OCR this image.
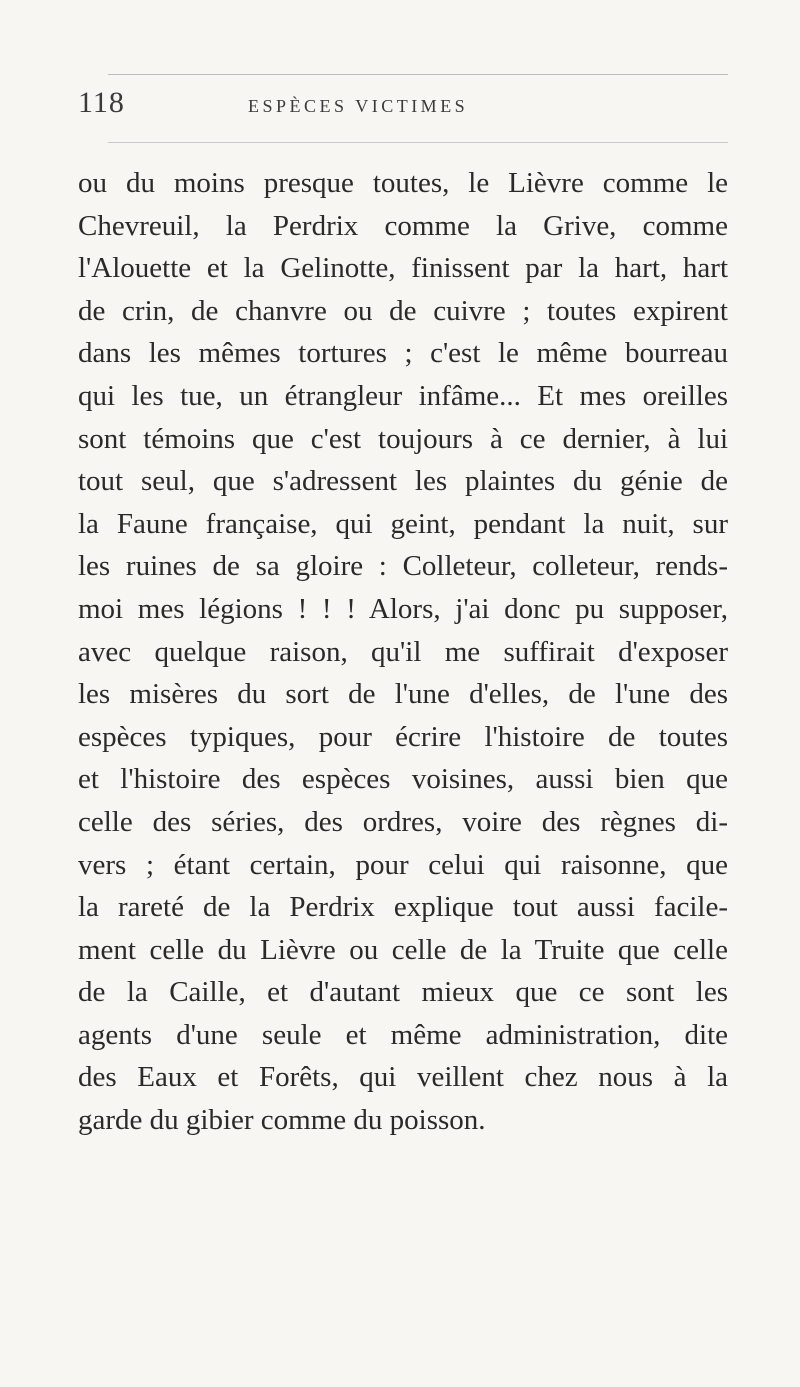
118	ESPÈCES VICTIMES
ou du moins presque toutes, le Lièvre comme le
Chevreuil, la Perdrix comme la Grive, comme
l'Alouette et la Gelinotte, finissent par la hart, hart
de crin, de chanvre ou de cuivre ; toutes expirent
dans les mêmes tortures ; c'est le même bourreau
qui les tue, un étrangleur infâme... Et mes oreilles
sont témoins que c'est toujours à ce dernier, à lui
tout seul, que s'adressent les plaintes du génie de
la Faune française, qui geint, pendant la nuit, sur
les ruines de sa gloire : Colleteur, colleteur, rends-
moi mes légions ! ! ! Alors, j'ai donc pu supposer,
avec quelque raison, qu'il me suffirait d'exposer
les misères du sort de l'une d'elles, de l'une des
espèces typiques, pour écrire l'histoire de toutes
et l'histoire des espèces voisines, aussi bien que
celle des séries, des ordres, voire des règnes di-
vers ; étant certain, pour celui qui raisonne, que
la rareté de la Perdrix explique tout aussi facile-
ment celle du Lièvre ou celle de la Truite que celle
de la Caille, et d'autant mieux que ce sont les
agents d'une seule et même administration, dite
des Eaux et Forêts, qui veillent chez nous à la
garde du gibier comme du poisson.
